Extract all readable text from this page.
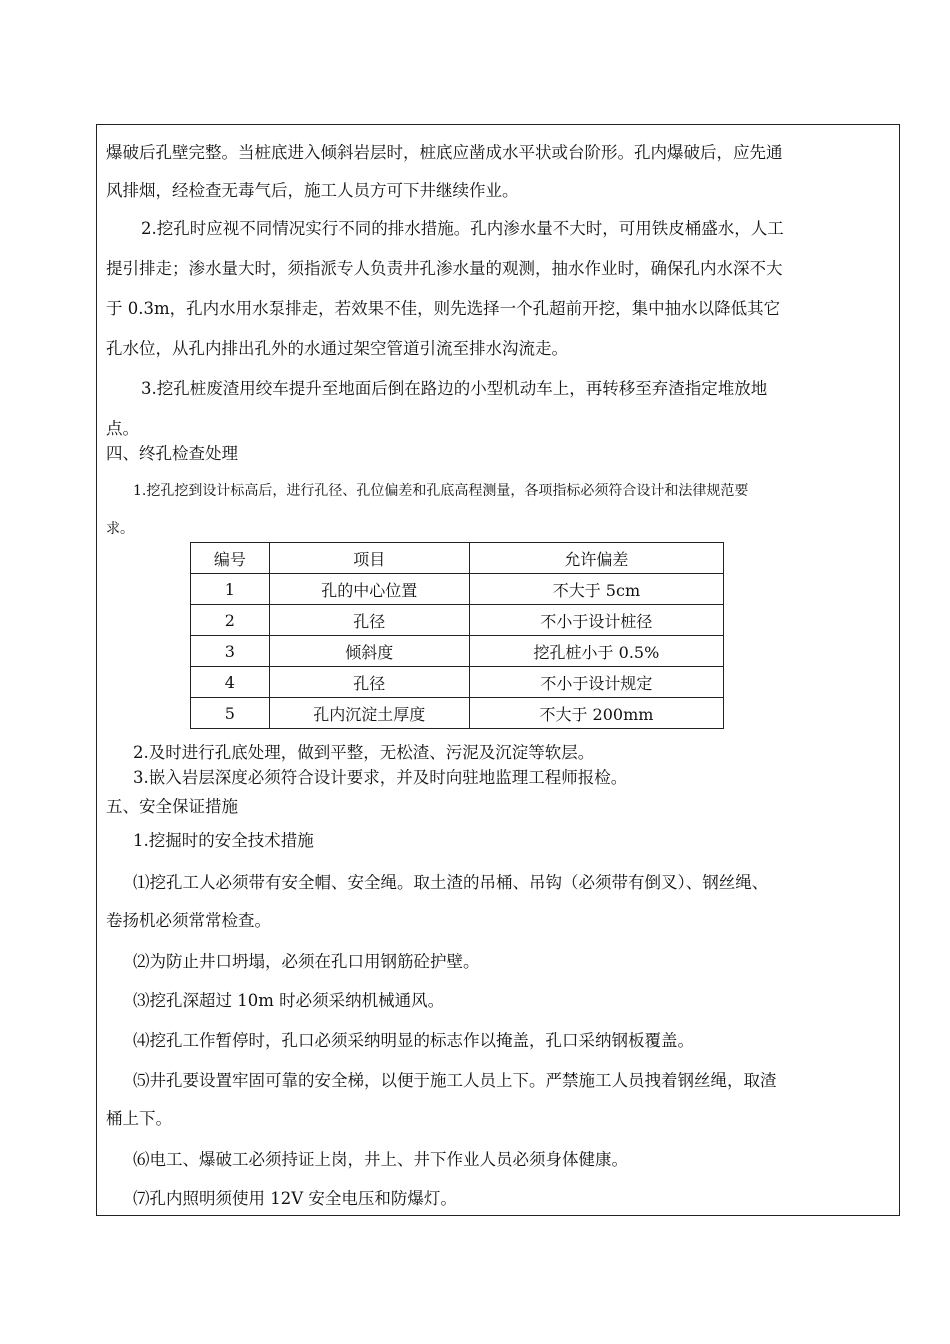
爆破后孔壁完整。当桩底进入倾斜岩层时，桩底应凿成水平状或台阶形。孔内爆破后，应先通
风排烟，经检查无毒气后，施工人员方可下井继续作业。
2.挖孔时应视不同情况实行不同的排水措施。孔内渗水量不大时，可用铁皮桶盛水，人工
提引排走；渗水量大时，须指派专人负责井孔渗水量的观测，抽水作业时，确保孔内水深不大
于 0.3m，孔内水用水泵排走，若效果不佳，则先选择一个孔超前开挖，集中抽水以降低其它
孔水位，从孔内排出孔外的水通过架空管道引流至排水沟流走。
3.挖孔桩废渣用绞车提升至地面后倒在路边的小型机动车上，再转移至弃渣指定堆放地
点。
四、终孔检查处理
1.挖孔挖到设计标高后，进行孔径、孔位偏差和孔底高程测量，各项指标必须符合设计和法律规范要
求。
编号	项目	允许偏差
1	孔的中心位置	不大于 5cm
2	孔径	不小于设计桩径
3	倾斜度	挖孔桩小于 0.5%
4	孔径	不小于设计规定
5	孔内沉淀土厚度	不大于 200mm
2.及时进行孔底处理，做到平整，无松渣、污泥及沉淀等软层。
3.嵌入岩层深度必须符合设计要求，并及时向驻地监理工程师报检。
五、安全保证措施
1.挖掘时的安全技术措施
⑴挖孔工人必须带有安全帽、安全绳。取土渣的吊桶、吊钩（必须带有倒叉）、钢丝绳、
卷扬机必须常常检查。
⑵为防止井口坍塌，必须在孔口用钢筋砼护壁。
⑶挖孔深超过 10m 时必须采纳机械通风。
⑷挖孔工作暂停时，孔口必须采纳明显的标志作以掩盖，孔口采纳钢板覆盖。
⑸井孔要设置牢固可靠的安全梯，以便于施工人员上下。严禁施工人员拽着钢丝绳，取渣
桶上下。
⑹电工、爆破工必须持证上岗，井上、井下作业人员必须身体健康。
⑺孔内照明须使用 12V 安全电压和防爆灯。
